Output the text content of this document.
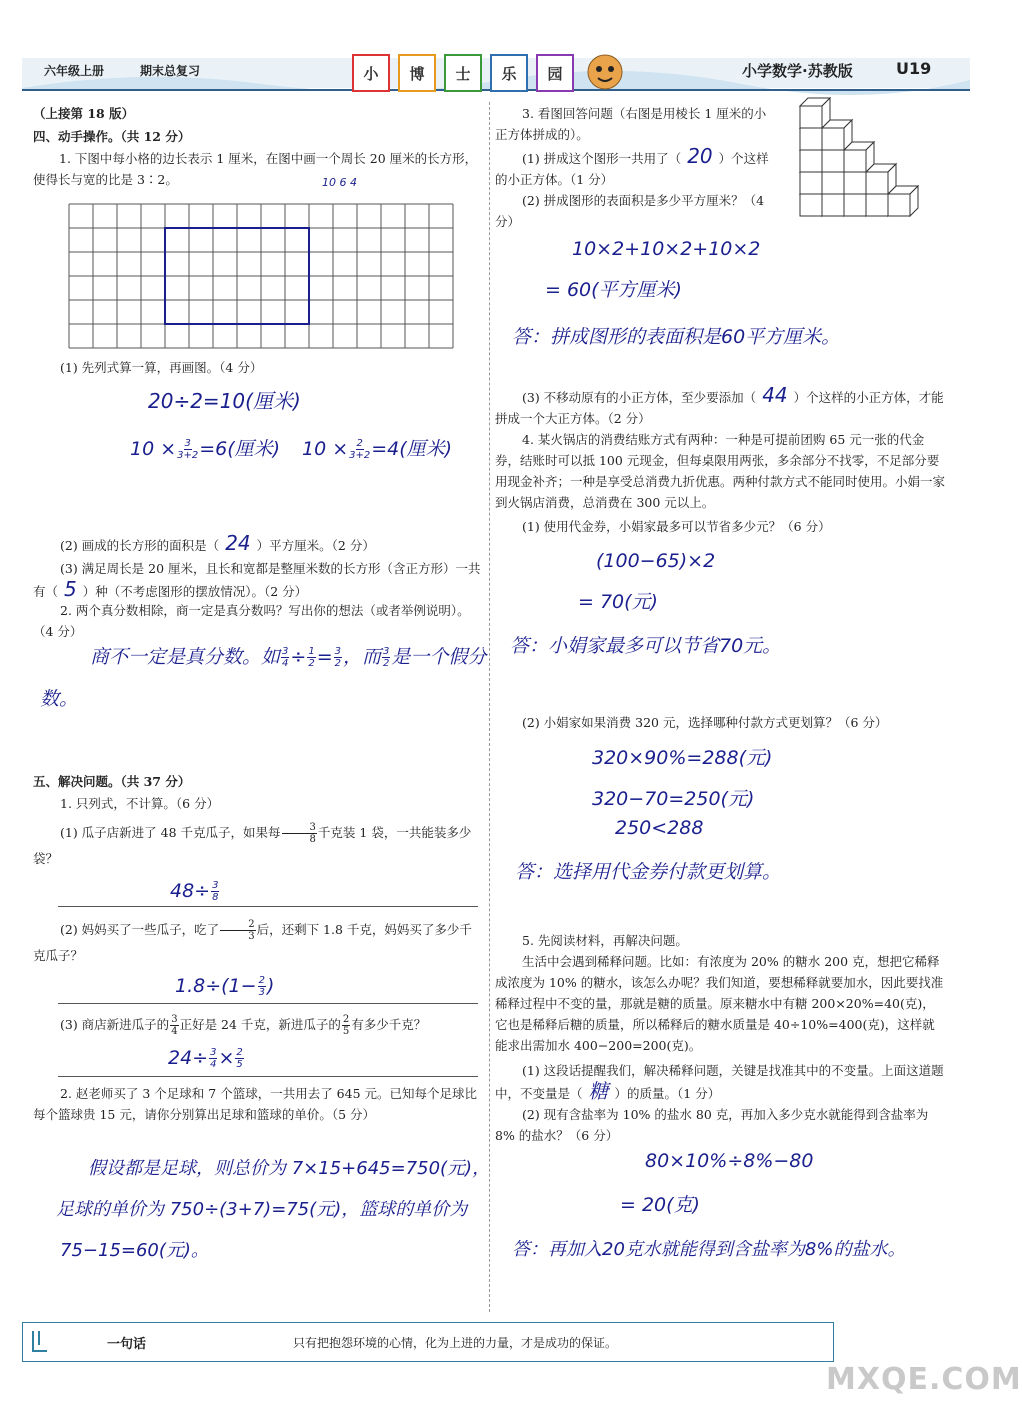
六年级上册	期末总复习	小	博	士	乐	园	小学数学·苏教版	U19
（上接第 18 版）
四、动手操作。（共 12 分）
1. 下图中每小格的边长表示 1 厘米，在图中画一个周长 20 厘米的长方形，使得长与宽的比是 3∶2。	10 6 4
(1) 先列式算一算，再画图。（4 分）
20÷2=10(厘米)
$10 \times \frac{3}{3+2} =6$(厘米) $10 \times \frac{2}{3+2} =4$(厘米)
(2) 画成的长方形的面积是（ 24 ）平方厘米。（2 分）
(3) 满足周长是 20 厘米，且长和宽都是整厘米数的长方形（含正方形）一共有（ 5 ）种（不考虑图形的摆放情况）。（2 分）
2. 两个真分数相除，商一定是真分数吗？写出你的想法（或者举例说明）。（4 分）
商不一定是真分数。如 $\frac{3}{4} \div \frac{1}{2} = \frac{3}{2}$ ，而 $\frac{3}{2}$ 是一个假分
数。
五、解决问题。（共 37 分）
1. 只列式，不计算。（6 分）
(1) 瓜子店新进了 48 千克瓜子，如果每 $\frac{3}{8}$ 千克装 1 袋，一共能装多少袋？
$48\div \frac{3}{8}$
(2) 妈妈买了一些瓜子，吃了 $\frac{2}{3}$ 后，还剩下 1.8 千克，妈妈买了多少千克瓜子？
$1.8\div(1- \frac{2}{3}$ )
(3) 商店新进瓜子的 $\frac{3}{4}$ 正好是 24 千克，新进瓜子的 $\frac{2}{5}$ 有多少千克？
$24\div \frac{3}{4} \times \frac{2}{5}$
2. 赵老师买了 3 个足球和 7 个篮球，一共用去了 645 元。已知每个足球比每个篮球贵 15 元，请你分别算出足球和篮球的单价。（5 分）
假设都是足球，则总价为 7×15+645=750(元)，
足球的单价为 750÷(3+7)=75(元)，篮球的单价为
75−15=60(元)。
3. 看图回答问题（右图是用棱长 1 厘米的小正方体拼成的）。
(1) 拼成这个图形一共用了（ 20 ）个这样的小正方体。（1 分）
(2) 拼成图形的表面积是多少平方厘米？（4 分）
10×2+10×2+10×2
= 60(平方厘米)
答：拼成图形的表面积是60平方厘米。
(3) 不移动原有的小正方体，至少要添加（ 44 ）个这样的小正方体，才能拼成一个大正方体。（2 分）
4. 某火锅店的消费结账方式有两种：一种是可提前团购 65 元一张的代金券，结账时可以抵 100 元现金，但每桌限用两张，多余部分不找零，不足部分要用现金补齐；一种是享受总消费九折优惠。两种付款方式不能同时使用。小娟一家到火锅店消费，总消费在 300 元以上。
(1) 使用代金券，小娟家最多可以节省多少元？（6 分）
(100−65)×2
= 70(元)
答：小娟家最多可以节省70元。
(2) 小娟家如果消费 320 元，选择哪种付款方式更划算？（6 分）
320×90%=288(元)
320−70=250(元)
250<288
答：选择用代金券付款更划算。
5. 先阅读材料，再解决问题。
生活中会遇到稀释问题。比如：有浓度为 20% 的糖水 200 克，想把它稀释成浓度为 10% 的糖水，该怎么办呢？我们知道，要想稀释就要加水，因此要找准稀释过程中不变的量，那就是糖的质量。原来糖水中有糖 200×20%=40(克)，它也是稀释后糖的质量，所以稀释后的糖水质量是 40÷10%=400(克)，这样就能求出需加水 400−200=200(克)。
(1) 这段话提醒我们，解决稀释问题，关键是找准其中的不变量。上面这道题中，不变量是（ 糖 ）的质量。（1 分）
(2) 现有含盐率为 10% 的盐水 80 克，再加入多少克水就能得到含盐率为 8% 的盐水？（6 分）
80×10%÷8%−80
= 20(克)
答：再加入20克水就能得到含盐率为8%的盐水。
一句话	只有把抱怨环境的心情，化为上进的力量，才是成功的保证。
MXQE.COM
